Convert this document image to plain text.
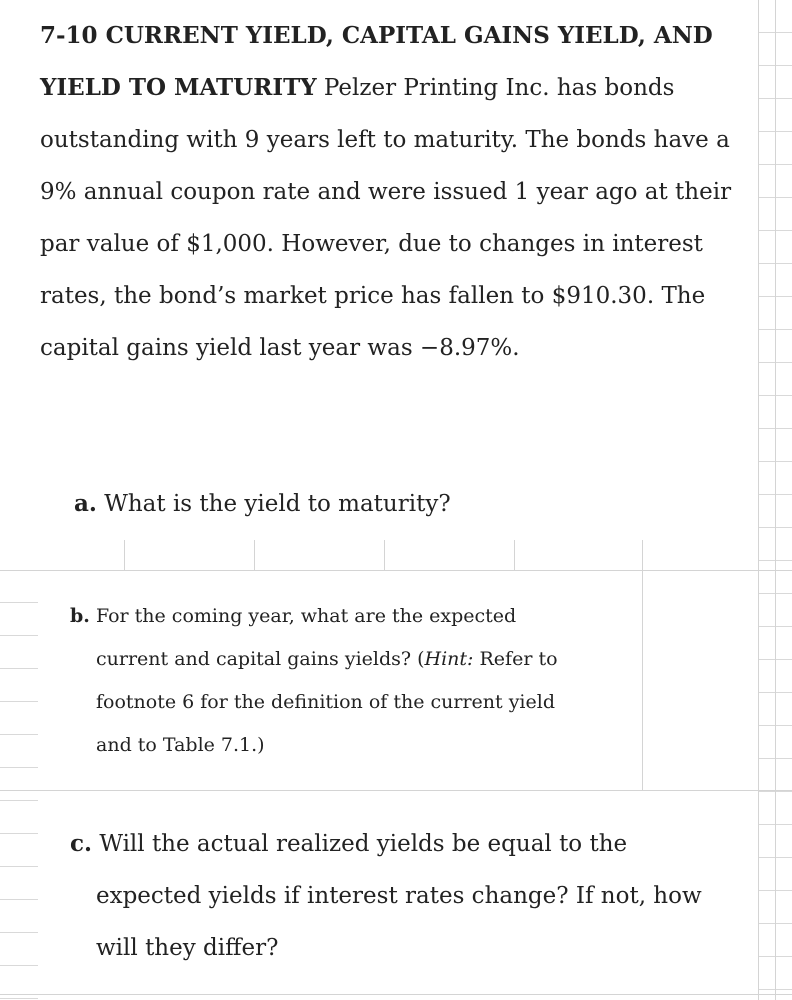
7-10 CURRENT YIELD, CAPITAL GAINS YIELD, AND YIELD TO MATURITY Pelzer Printing Inc. has bonds outstanding with 9 years left to maturity. The bonds have a 9% annual coupon rate and were issued 1 year ago at their par value of $1,000. However, due to changes in interest rates, the bond’s market price has fallen to $910.30. The capital gains yield last year was −8.97%.

a. What is the yield to maturity?

b. For the coming year, what are the expected
current and capital gains yields? (Hint: Refer to
footnote 6 for the definition of the current yield
and to Table 7.1.)
c. Will the actual realized yields be equal to the
expected yields if interest rates change? If not, how
will they differ?
